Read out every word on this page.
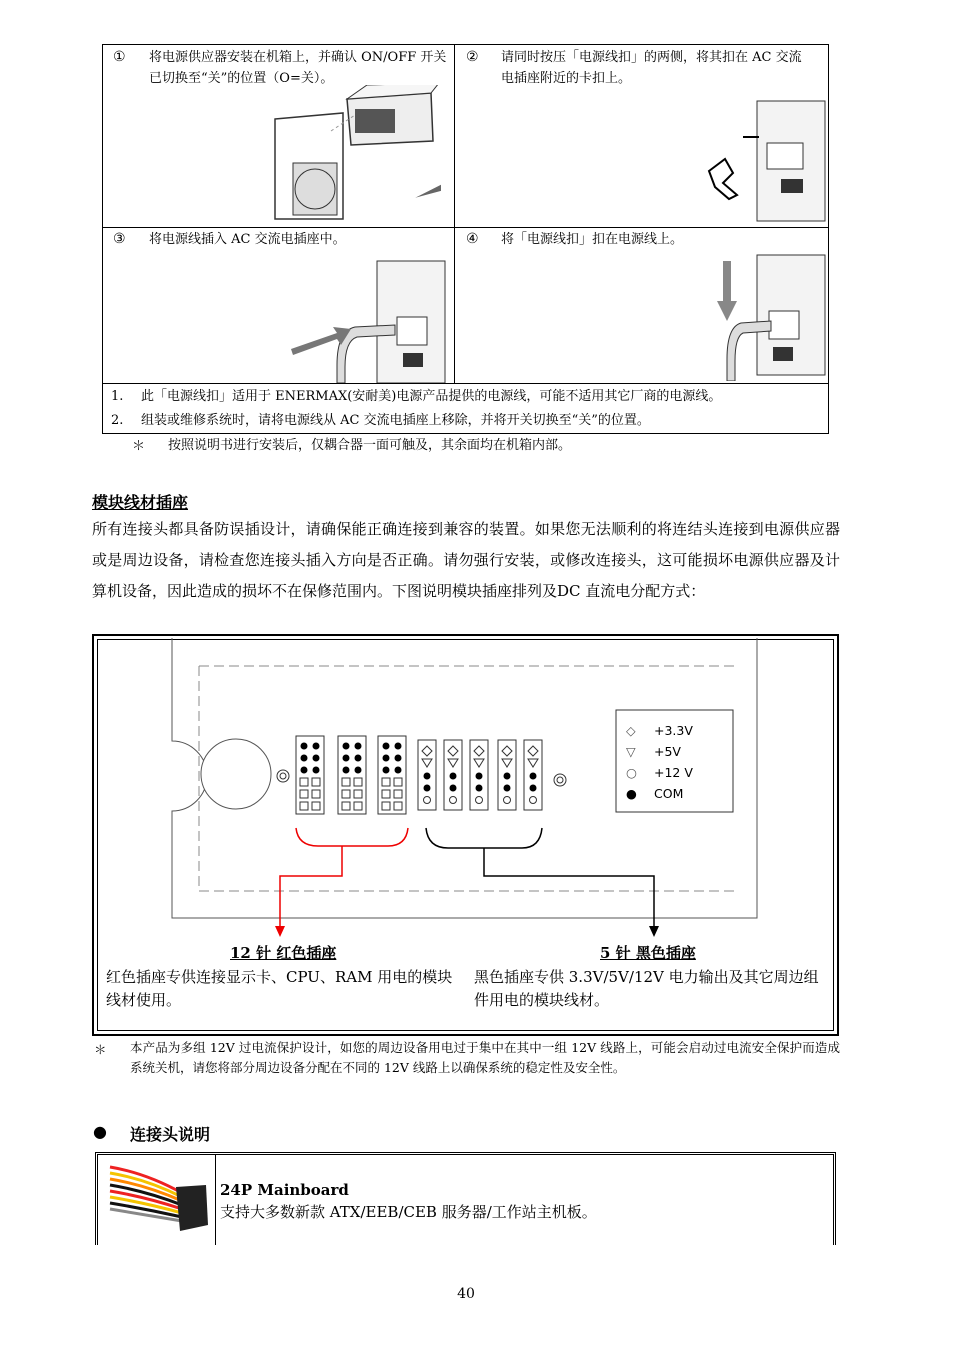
① 将电源供应器安装在机箱上，并确认 ON/OFF 开关已切换至“关”的位置（O=关）。
② 请同时按压「电源线扣」的两侧，将其扣在 AC 交流电插座附近的卡扣上。
③ 将电源线插入 AC 交流电插座中。	④ 将「电源线扣」扣在电源线上。
1. 此「电源线扣」适用于 ENERMAX(安耐美)电源产品提供的电源线，可能不适用其它厂商的电源线。
2. 组装或维修系统时，请将电源线从 AC 交流电插座上移除，并将开关切换至“关”的位置。
＊ 按照说明书进行安装后，仅耦合器一面可触及，其余面均在机箱内部。
模块线材插座
所有连接头都具备防误插设计，请确保能正确连接到兼容的装置。如果您无法顺利的将连结头连接到电源供应器或是周边设备，请检查您连接头插入方向是否正确。请勿强行安装，或修改连接头，这可能损坏电源供应器及计算机设备，因此造成的损坏不在保修范围内。下图说明模块插座排列及DC 直流电分配方式：
◇ +3.3V
▽ +5V
○ +12 V
● COM
12 针 红色插座
红色插座专供连接显示卡、CPU、RAM 用电的模块线材使用。
5 针 黑色插座
黑色插座专供 3.3V/5V/12V 电力输出及其它周边组件用电的模块线材。
＊ 本产品为多组 12V 过电流保护设计，如您的周边设备用电过于集中在其中一组 12V 线路上，可能会启动过电流安全保护而造成系统关机，请您将部分周边设备分配在不同的 12V 线路上以确保系统的稳定性及安全性。
● 连接头说明
24P Mainboard
支持大多数新款 ATX/EEB/CEB 服务器/工作站主机板。
40
